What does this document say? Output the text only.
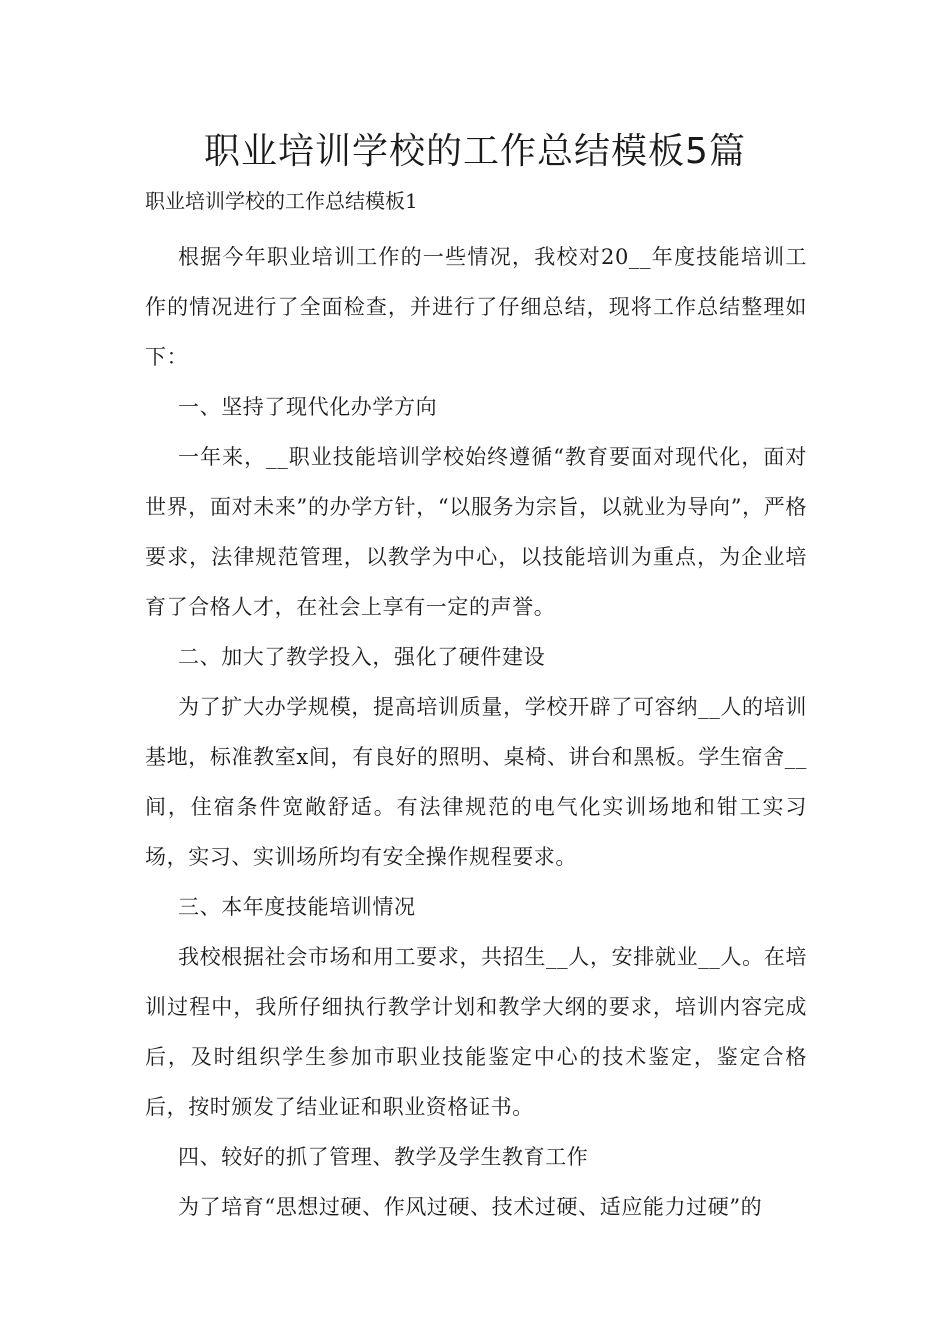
职业培训学校的工作总结模板5篇

职业培训学校的工作总结模板1

根据今年职业培训工作的一些情况，我校对20__年度技能培训工作的情况进行了全面检查，并进行了仔细总结，现将工作总结整理如下：

一、坚持了现代化办学方向

一年来，__职业技能培训学校始终遵循“教育要面对现代化，面对世界，面对未来”的办学方针，“以服务为宗旨，以就业为导向”，严格要求，法律规范管理，以教学为中心，以技能培训为重点，为企业培育了合格人才，在社会上享有一定的声誉。

二、加大了教学投入，强化了硬件建设

为了扩大办学规模，提高培训质量，学校开辟了可容纳__人的培训基地，标准教室x间，有良好的照明、桌椅、讲台和黑板。学生宿舍__间，住宿条件宽敞舒适。有法律规范的电气化实训场地和钳工实习场，实习、实训场所均有安全操作规程要求。

三、本年度技能培训情况

我校根据社会市场和用工要求，共招生__人，安排就业__人。在培训过程中，我所仔细执行教学计划和教学大纲的要求，培训内容完成后，及时组织学生参加市职业技能鉴定中心的技术鉴定，鉴定合格后，按时颁发了结业证和职业资格证书。

四、较好的抓了管理、教学及学生教育工作

为了培育“思想过硬、作风过硬、技术过硬、适应能力过硬”的
